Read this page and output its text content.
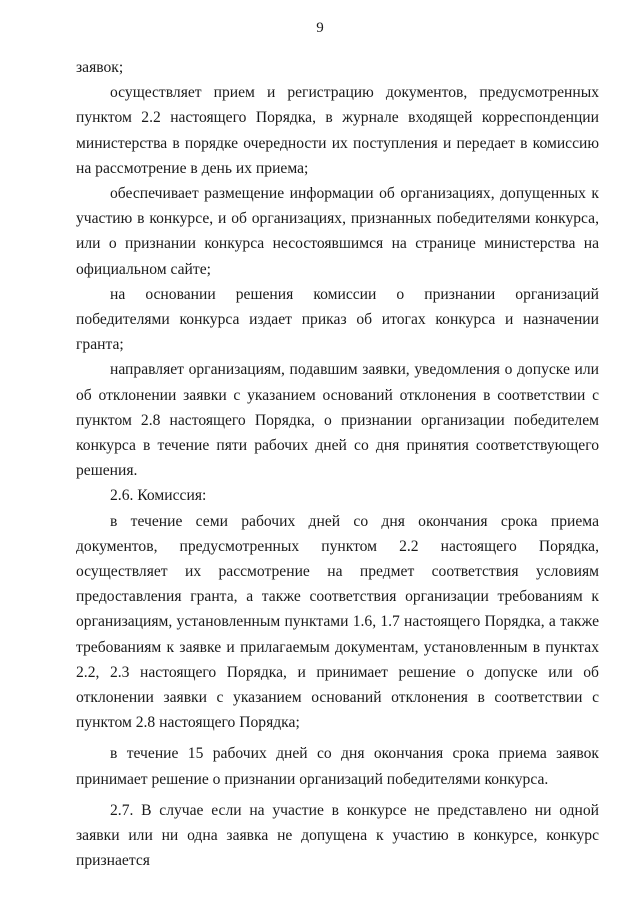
9

заявок;

осуществляет прием и регистрацию документов, предусмотренных пунктом 2.2 настоящего Порядка, в журнале входящей корреспонденции министерства в порядке очередности их поступления и передает в комиссию на рассмотрение в день их приема;

обеспечивает размещение информации об организациях, допущенных к участию в конкурсе, и об организациях, признанных победителями конкурса, или о признании конкурса несостоявшимся на странице министерства на официальном сайте;

на основании решения комиссии о признании организаций победителями конкурса издает приказ об итогах конкурса и назначении гранта;

направляет организациям, подавшим заявки, уведомления о допуске или об отклонении заявки с указанием оснований отклонения в соответствии с пунктом 2.8 настоящего Порядка, о признании организации победителем конкурса в течение пяти рабочих дней со дня принятия соответствующего решения.

2.6. Комиссия:

в течение семи рабочих дней со дня окончания срока приема документов, предусмотренных пунктом 2.2 настоящего Порядка, осуществляет их рассмотрение на предмет соответствия условиям предоставления гранта, а также соответствия организации требованиям к организациям, установленным пунктами 1.6, 1.7 настоящего Порядка, а также требованиям к заявке и прилагаемым документам, установленным в пунктах 2.2, 2.3 настоящего Порядка, и принимает решение о допуске или об отклонении заявки с указанием оснований отклонения в соответствии с пунктом 2.8 настоящего Порядка;

в течение 15 рабочих дней со дня окончания срока приема заявок принимает решение о признании организаций победителями конкурса.

2.7. В случае если на участие в конкурсе не представлено ни одной заявки или ни одна заявка не допущена к участию в конкурсе, конкурс признается
